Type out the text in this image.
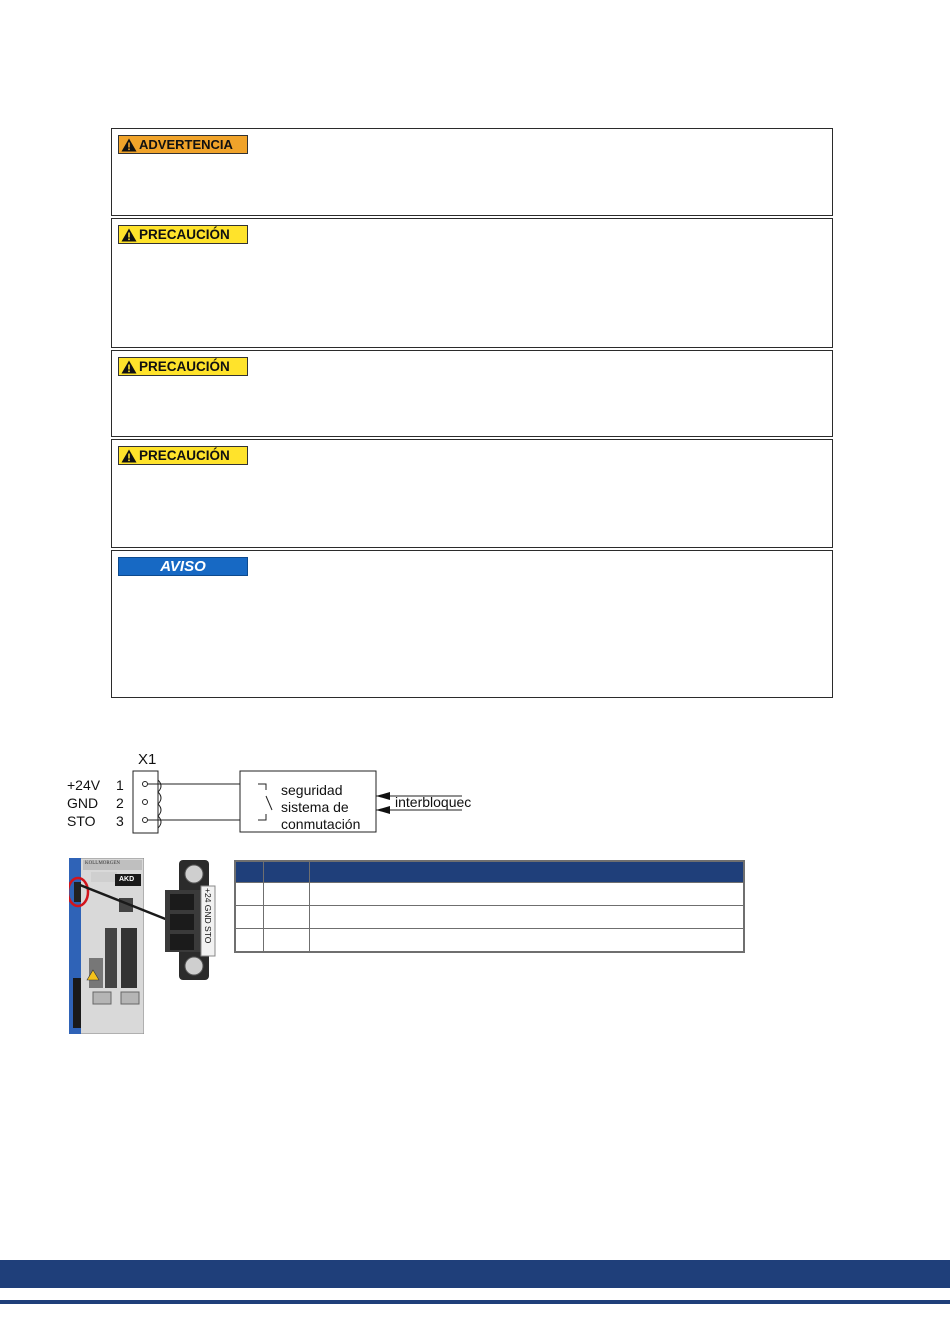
ADVERTENCIA
PRECAUCIÓN
PRECAUCIÓN
PRECAUCIÓN
AVISO
X1
+24V 1
GND 2
STO 3
seguridad
sistema de
conmutación
interbloquec
KOLLMORGEN
AKD
+24 GND STO
